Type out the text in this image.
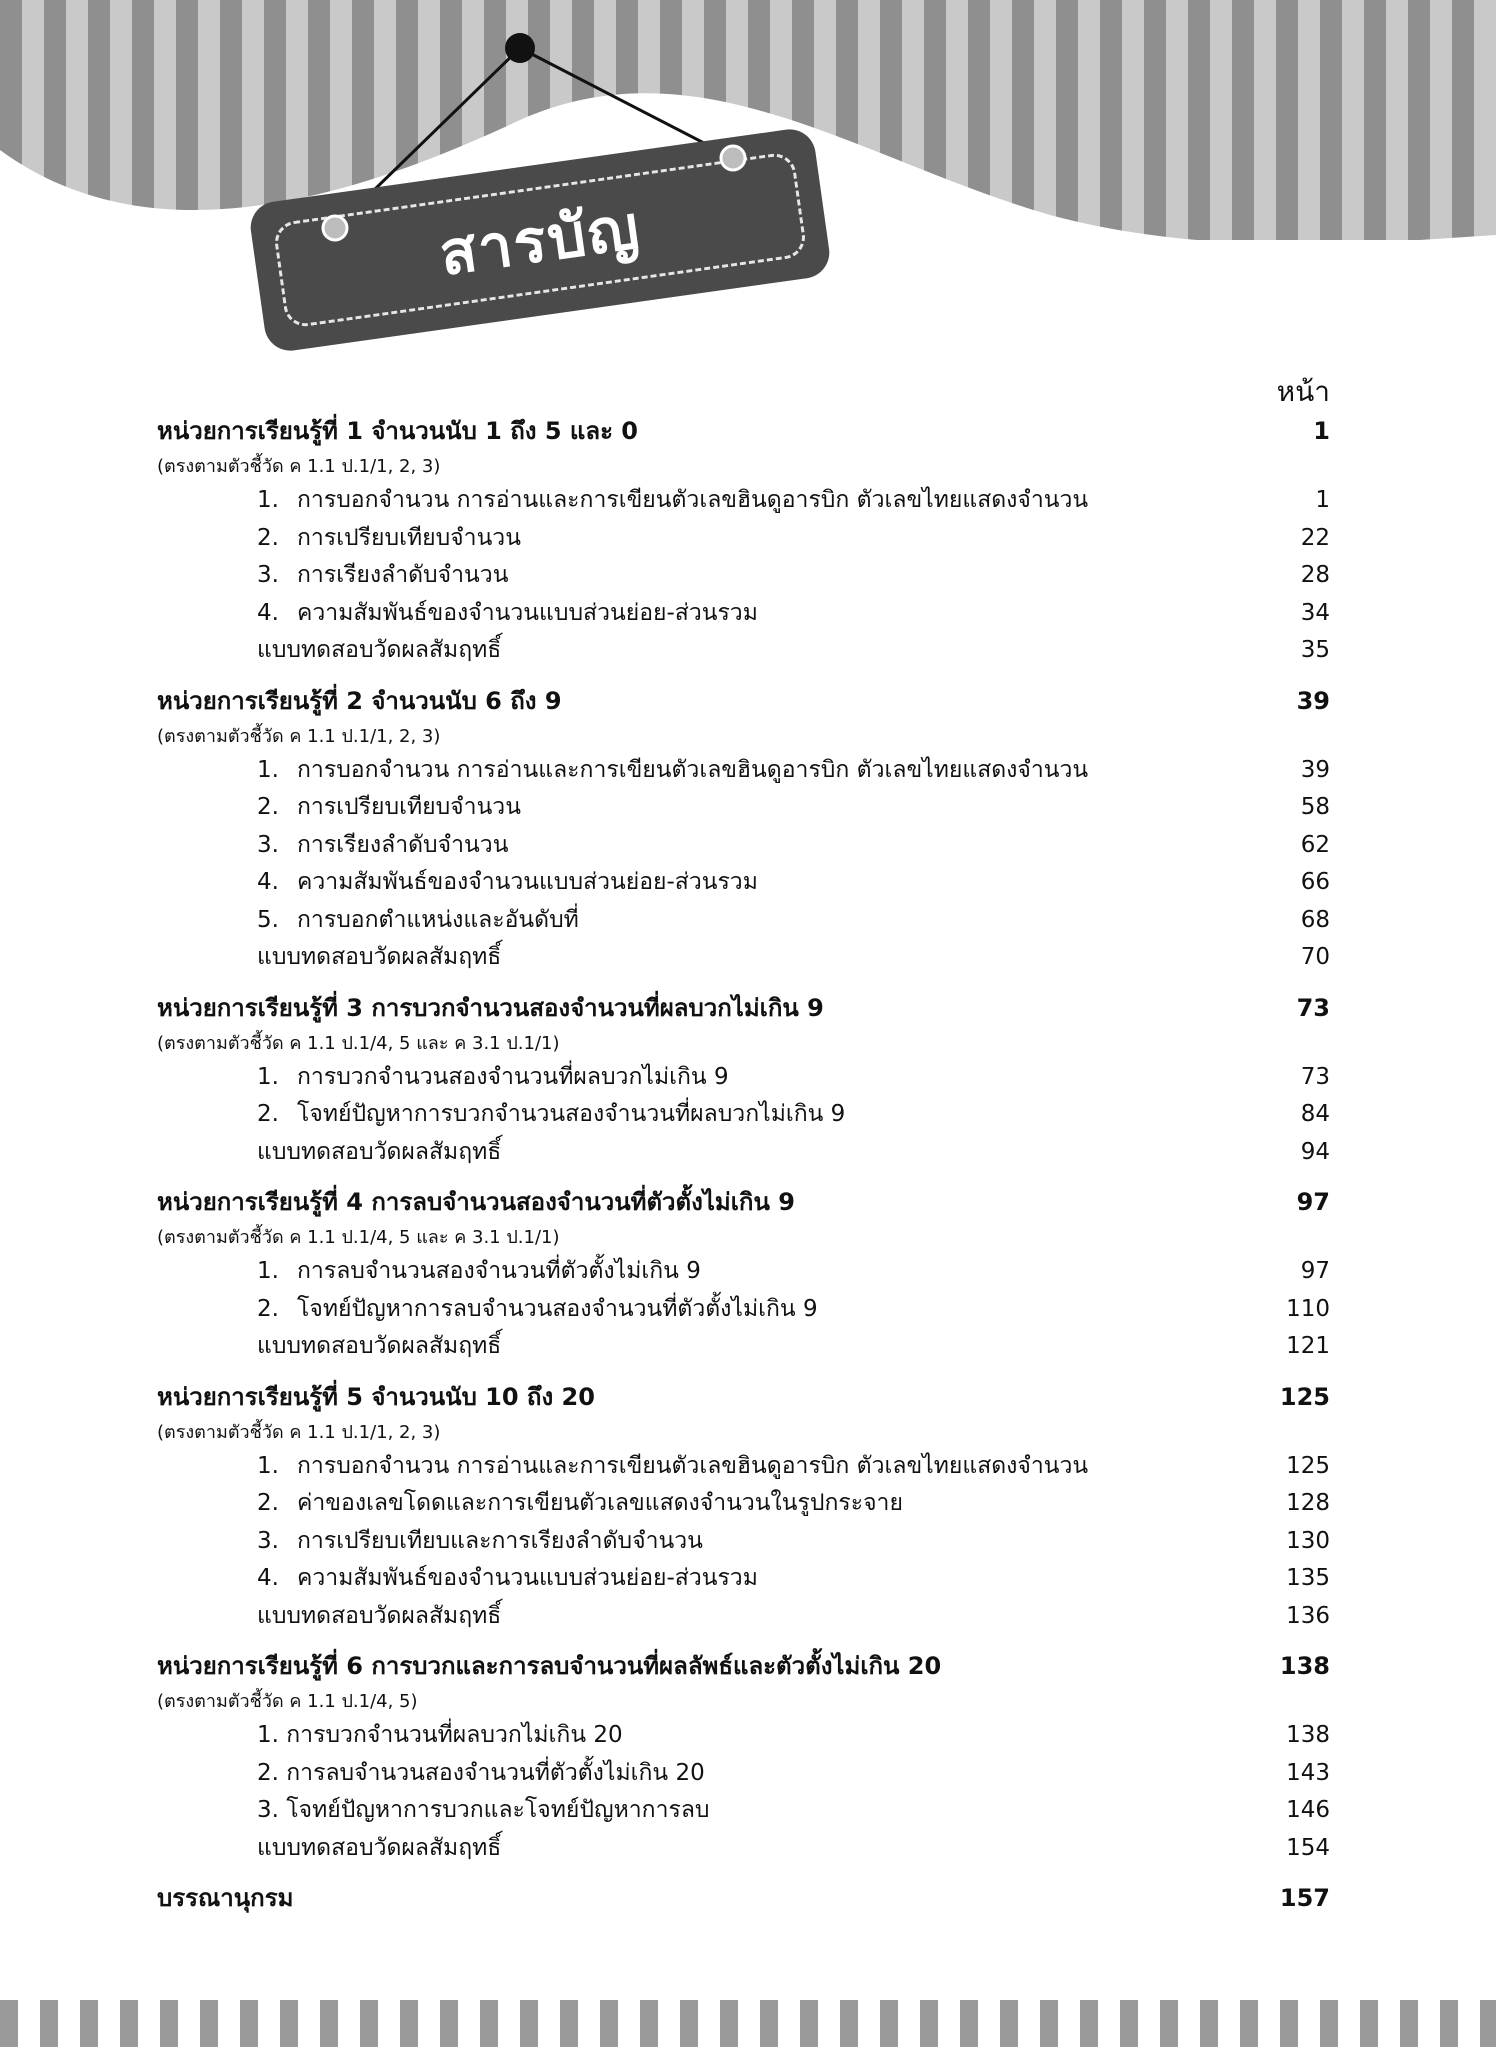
สารบัญ
หน้า
หน่วยการเรียนรู้ที่ 1 จำนวนนับ 1 ถึง 5 และ 0	1
(ตรงตามตัวชี้วัด ค 1.1 ป.1/1, 2, 3)
1. การบอกจำนวน การอ่านและการเขียนตัวเลขฮินดูอารบิก ตัวเลขไทยแสดงจำนวน	1
2. การเปรียบเทียบจำนวน	22
3. การเรียงลำดับจำนวน	28
4. ความสัมพันธ์ของจำนวนแบบส่วนย่อย-ส่วนรวม	34
แบบทดสอบวัดผลสัมฤทธิ์	35
หน่วยการเรียนรู้ที่ 2 จำนวนนับ 6 ถึง 9	39
(ตรงตามตัวชี้วัด ค 1.1 ป.1/1, 2, 3)
1. การบอกจำนวน การอ่านและการเขียนตัวเลขฮินดูอารบิก ตัวเลขไทยแสดงจำนวน	39
2. การเปรียบเทียบจำนวน	58
3. การเรียงลำดับจำนวน	62
4. ความสัมพันธ์ของจำนวนแบบส่วนย่อย-ส่วนรวม	66
5. การบอกตำแหน่งและอันดับที่	68
แบบทดสอบวัดผลสัมฤทธิ์	70
หน่วยการเรียนรู้ที่ 3 การบวกจำนวนสองจำนวนที่ผลบวกไม่เกิน 9	73
(ตรงตามตัวชี้วัด ค 1.1 ป.1/4, 5 และ ค 3.1 ป.1/1)
1. การบวกจำนวนสองจำนวนที่ผลบวกไม่เกิน 9	73
2. โจทย์ปัญหาการบวกจำนวนสองจำนวนที่ผลบวกไม่เกิน 9	84
แบบทดสอบวัดผลสัมฤทธิ์	94
หน่วยการเรียนรู้ที่ 4 การลบจำนวนสองจำนวนที่ตัวตั้งไม่เกิน 9	97
(ตรงตามตัวชี้วัด ค 1.1 ป.1/4, 5 และ ค 3.1 ป.1/1)
1. การลบจำนวนสองจำนวนที่ตัวตั้งไม่เกิน 9	97
2. โจทย์ปัญหาการลบจำนวนสองจำนวนที่ตัวตั้งไม่เกิน 9	110
แบบทดสอบวัดผลสัมฤทธิ์	121
หน่วยการเรียนรู้ที่ 5 จำนวนนับ 10 ถึง 20	125
(ตรงตามตัวชี้วัด ค 1.1 ป.1/1, 2, 3)
1. การบอกจำนวน การอ่านและการเขียนตัวเลขฮินดูอารบิก ตัวเลขไทยแสดงจำนวน	125
2. ค่าของเลขโดดและการเขียนตัวเลขแสดงจำนวนในรูปกระจาย	128
3. การเปรียบเทียบและการเรียงลำดับจำนวน	130
4. ความสัมพันธ์ของจำนวนแบบส่วนย่อย-ส่วนรวม	135
แบบทดสอบวัดผลสัมฤทธิ์	136
หน่วยการเรียนรู้ที่ 6 การบวกและการลบจำนวนที่ผลลัพธ์และตัวตั้งไม่เกิน 20	138
(ตรงตามตัวชี้วัด ค 1.1 ป.1/4, 5)
1. การบวกจำนวนที่ผลบวกไม่เกิน 20	138
2. การลบจำนวนสองจำนวนที่ตัวตั้งไม่เกิน 20	143
3. โจทย์ปัญหาการบวกและโจทย์ปัญหาการลบ	146
แบบทดสอบวัดผลสัมฤทธิ์	154
บรรณานุกรม	157
